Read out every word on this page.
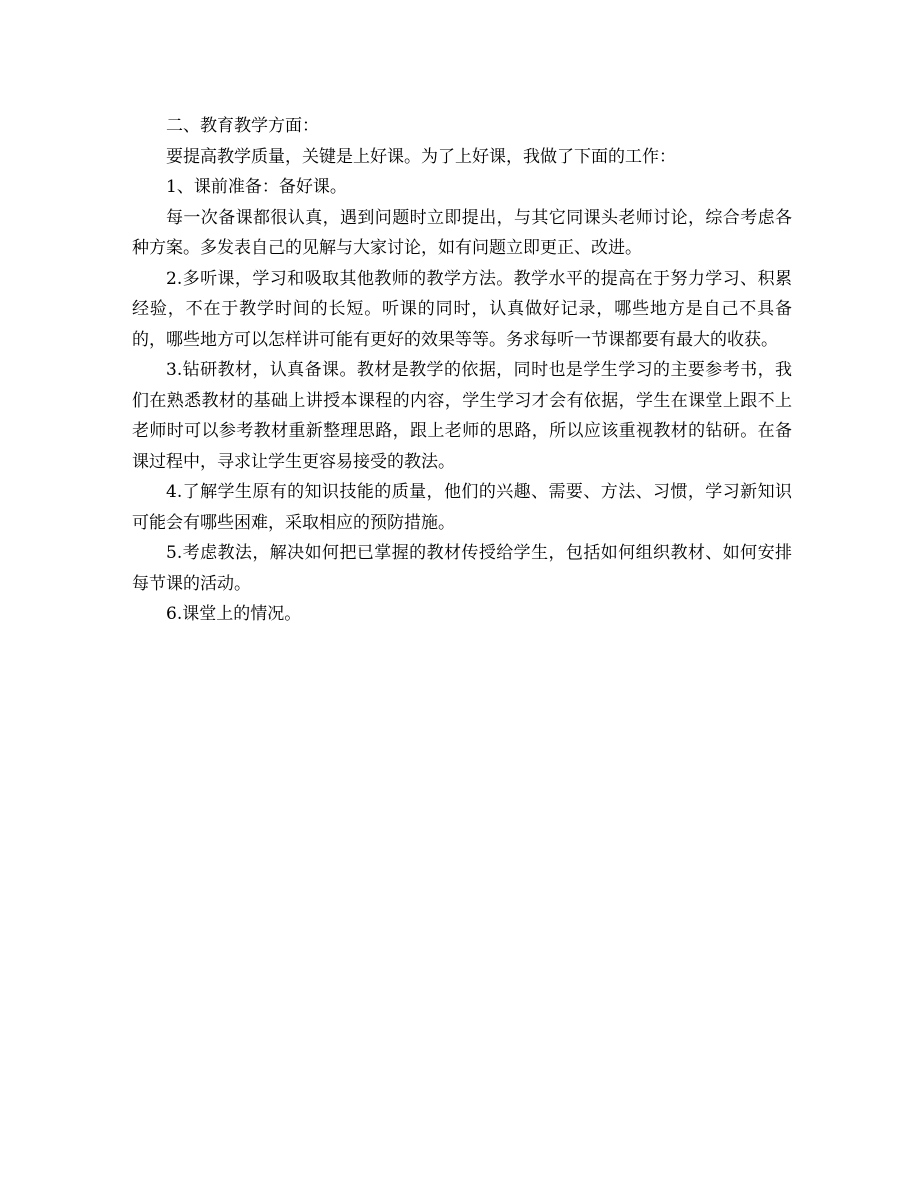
二、教育教学方面：

要提高教学质量，关键是上好课。为了上好课，我做了下面的工作：

1、课前准备：备好课。

每一次备课都很认真，遇到问题时立即提出，与其它同课头老师讨论，综合考虑各种方案。多发表自己的见解与大家讨论，如有问题立即更正、改进。

2.多听课，学习和吸取其他教师的教学方法。教学水平的提高在于努力学习、积累经验，不在于教学时间的长短。听课的同时，认真做好记录，哪些地方是自己不具备的，哪些地方可以怎样讲可能有更好的效果等等。务求每听一节课都要有最大的收获。

3.钻研教材，认真备课。教材是教学的依据，同时也是学生学习的主要参考书，我们在熟悉教材的基础上讲授本课程的内容，学生学习才会有依据，学生在课堂上跟不上老师时可以参考教材重新整理思路，跟上老师的思路，所以应该重视教材的钻研。在备课过程中，寻求让学生更容易接受的教法。

4.了解学生原有的知识技能的质量，他们的兴趣、需要、方法、习惯，学习新知识可能会有哪些困难，采取相应的预防措施。

5.考虑教法，解决如何把已掌握的教材传授给学生，包括如何组织教材、如何安排每节课的活动。

6.课堂上的情况。
